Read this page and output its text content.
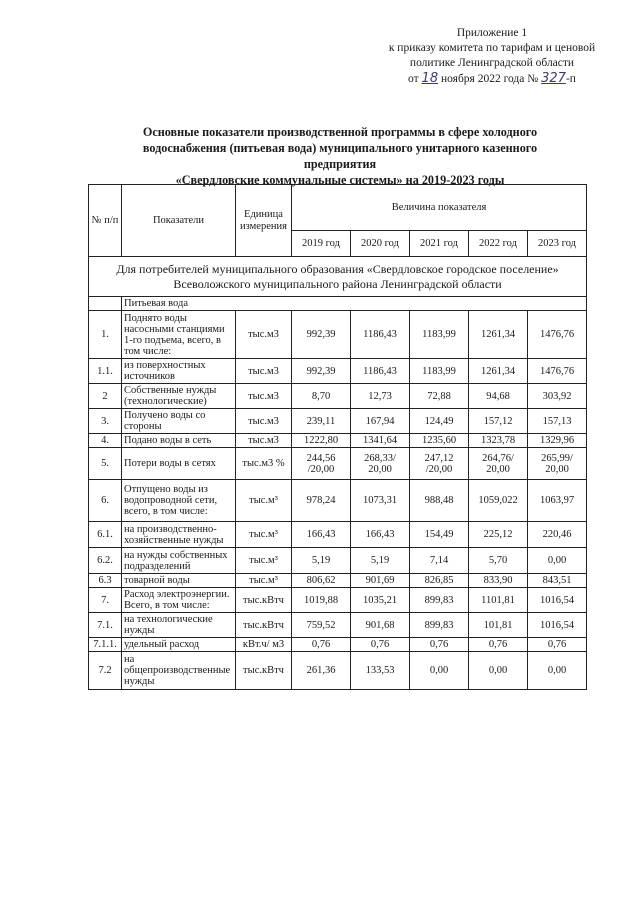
Приложение 1
к приказу комитета по тарифам и ценовой
политике Ленинградской области
от 18 ноября 2022 года № 327-п
Основные показатели производственной программы в сфере холодного
водоснабжения (питьевая вода) муниципального унитарного казенного предприятия
«Свердловские коммунальные системы» на 2019-2023 годы
№ п/п	Показатели	Единица измерения	Величина показателя				
			2019 год	2020 год	2021 год	2022 год	2023 год
Для потребителей муниципального образования «Свердловское городское поселение» Всеволожского муниципального района Ленинградской области							
	Питьевая вода						
1.	Поднято воды насосными станциями 1-го подъема, всего, в том числе:	тыс.м3	992,39	1186,43	1183,99	1261,34	1476,76
1.1.	из поверхностных источников	тыс.м3	992,39	1186,43	1183,99	1261,34	1476,76
2	Собственные нужды (технологические)	тыс.м3	8,70	12,73	72,88	94,68	303,92
3.	Получено воды со стороны	тыс.м3	239,11	167,94	124,49	157,12	157,13
4.	Подано воды в сеть	тыс.м3	1222,80	1341,64	1235,60	1323,78	1329,96
5.	Потери воды в сетях	тыс.м3 %	244,56 /20,00	268,33/ 20,00	247,12 /20,00	264,76/ 20,00	265,99/ 20,00
6.	Отпущено воды из водопроводной сети, всего, в том числе:	тыс.м³	978,24	1073,31	988,48	1059,022	1063,97
6.1.	на производственно-хозяйственные нужды	тыс.м³	166,43	166,43	154,49	225,12	220,46
6.2.	на нужды собственных подразделений	тыс.м³	5,19	5,19	7,14	5,70	0,00
6.3	товарной воды	тыс.м³	806,62	901,69	826,85	833,90	843,51
7.	Расход электроэнергии. Всего, в том числе:	тыс.кВтч	1019,88	1035,21	899,83	1101,81	1016,54
7.1.	на технологические нужды	тыс.кВтч	759,52	901,68	899,83	101,81	1016,54
7.1.1.	удельный расход	кВт.ч/ м3	0,76	0,76	0,76	0,76	0,76
7.2	на общепроизводственные нужды	тыс.кВтч	261,36	133,53	0,00	0,00	0,00
